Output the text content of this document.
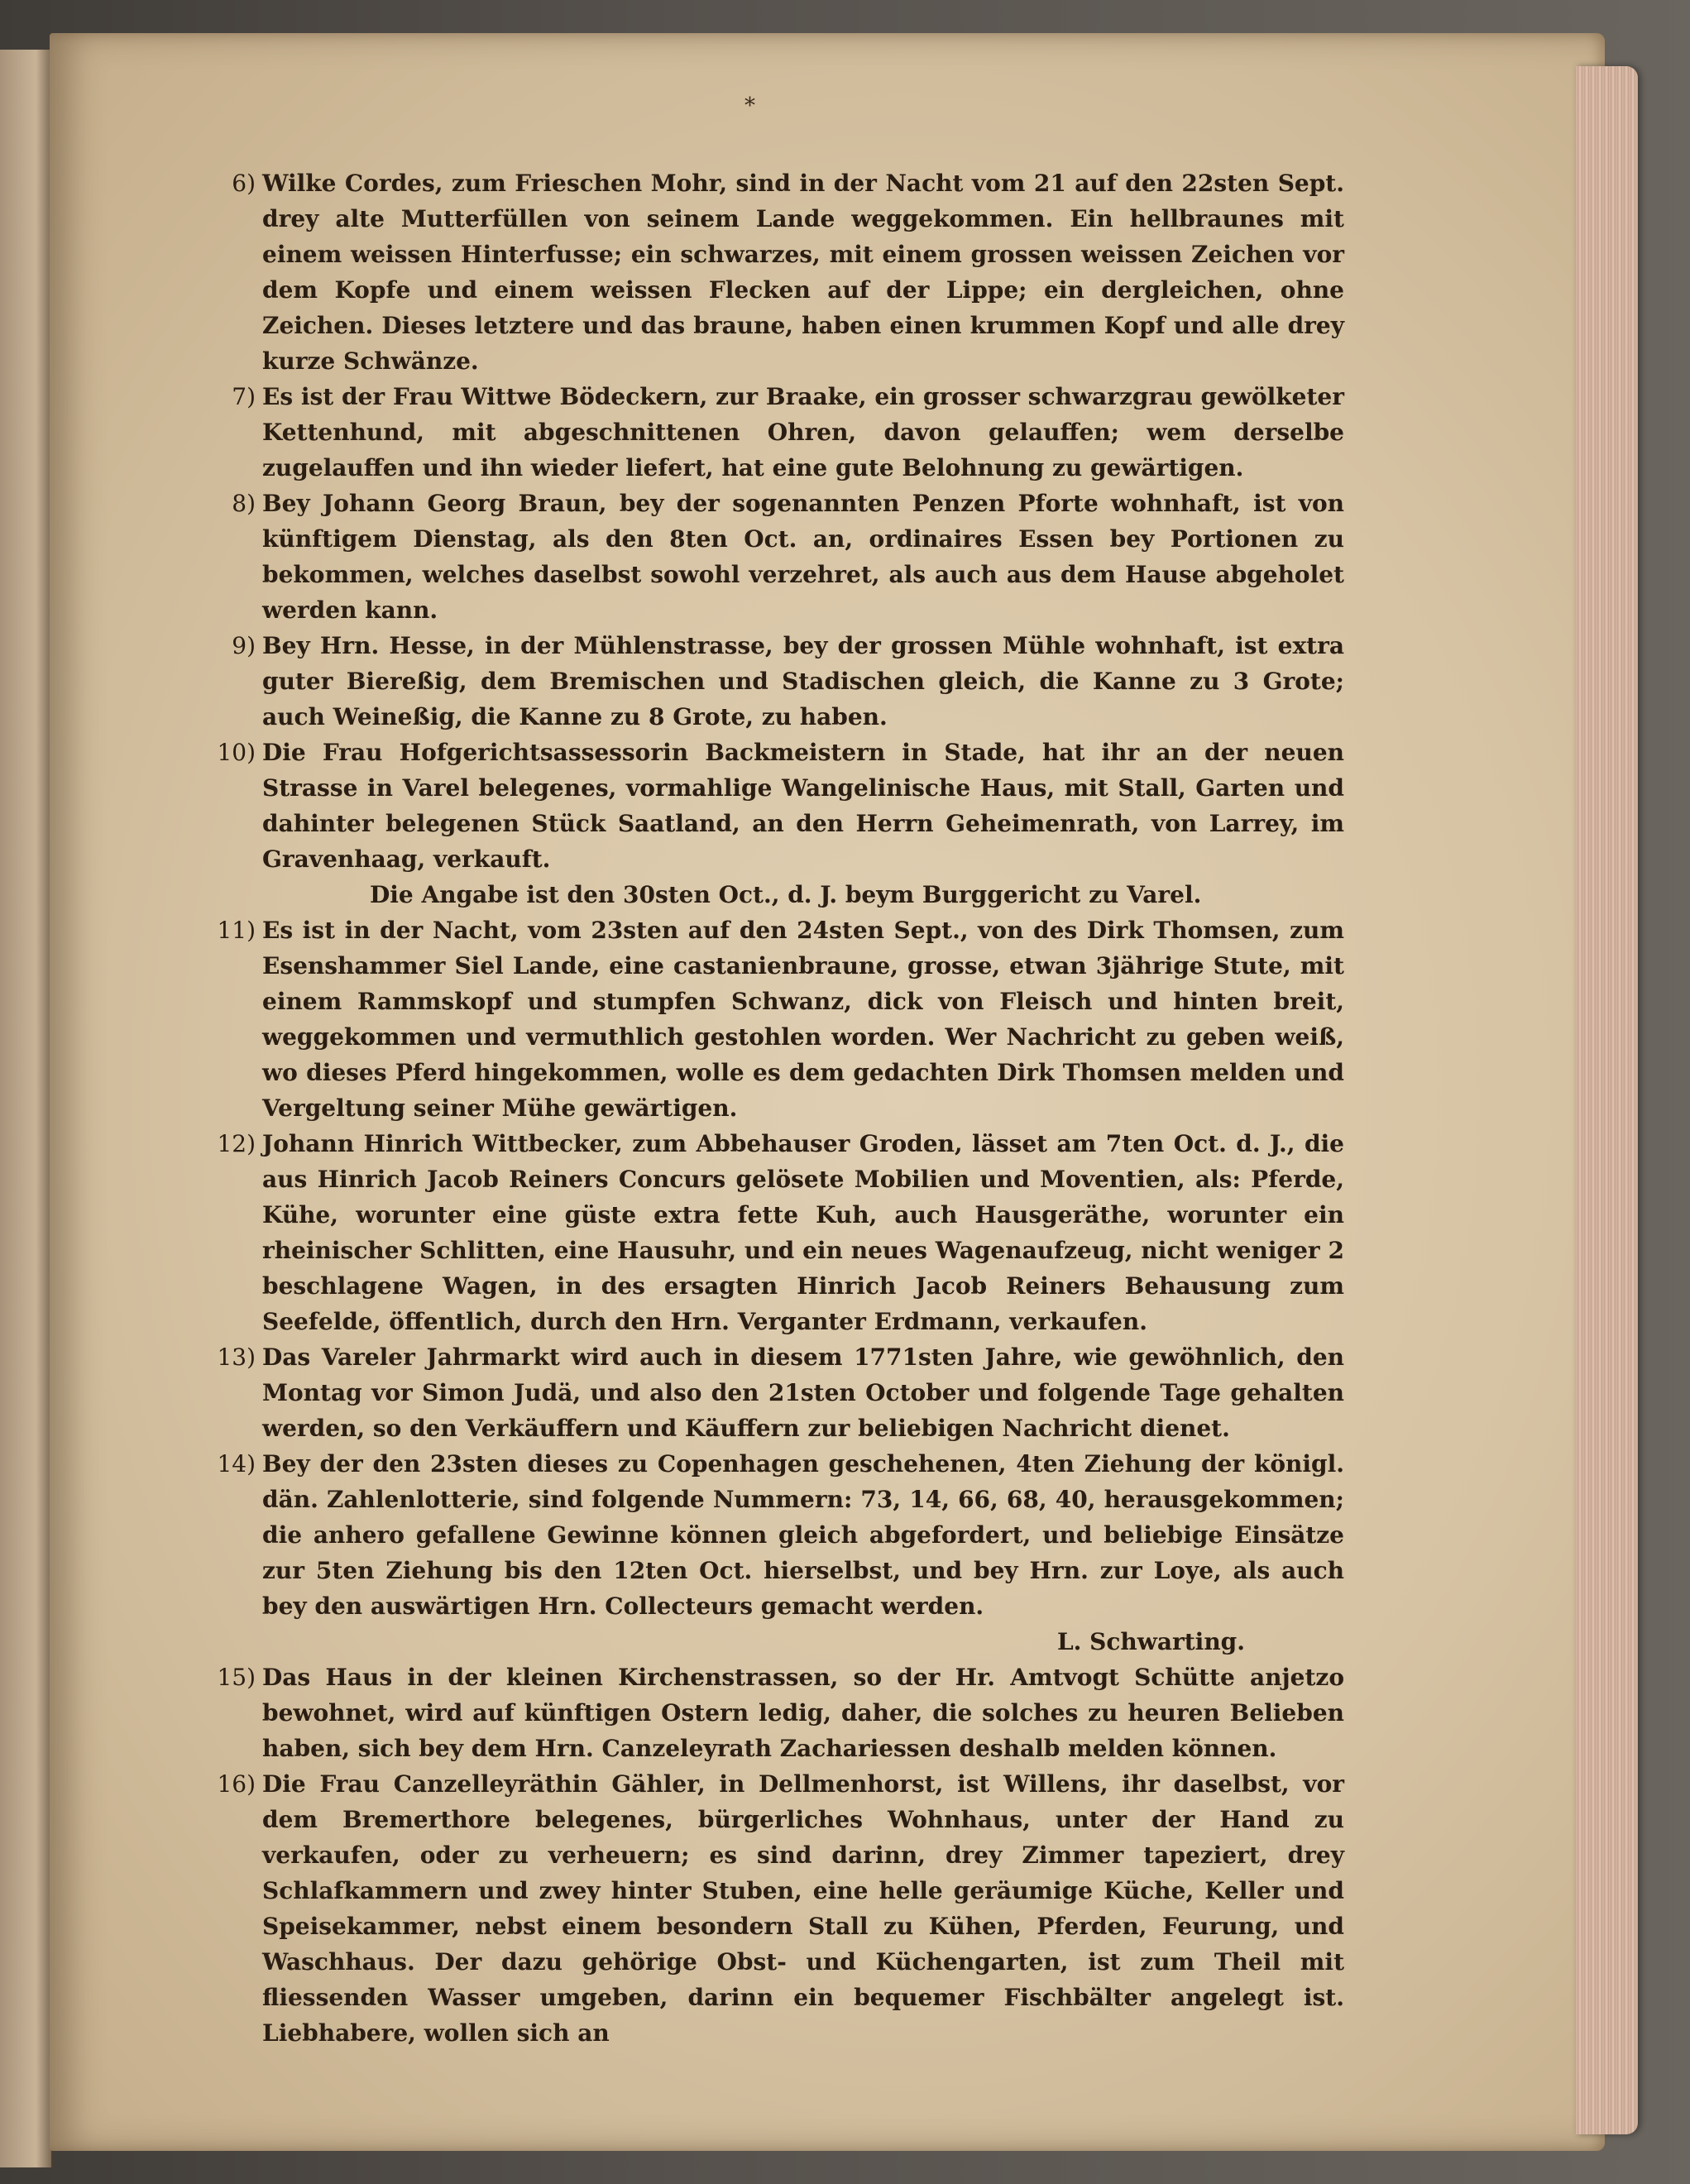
⁎
6) Wilke Cordes, zum Frieschen Mohr, sind in der Nacht vom 21 auf den 22sten Sept. drey alte Mutterfüllen von seinem Lande weggekommen. Ein hellbraunes mit einem weissen Hinterfusse; ein schwarzes, mit einem grossen weissen Zeichen vor dem Kopfe und einem weissen Flecken auf der Lippe; ein dergleichen, ohne Zeichen. Dieses letztere und das braune, haben einen krummen Kopf und alle drey kurze Schwänze.
7) Es ist der Frau Wittwe Bödeckern, zur Braake, ein grosser schwarzgrau gewölketer Kettenhund, mit abgeschnittenen Ohren, davon gelauffen; wem derselbe zugelauffen und ihn wieder liefert, hat eine gute Belohnung zu gewärtigen.
8) Bey Johann Georg Braun, bey der sogenannten Penzen Pforte wohnhaft, ist von künftigem Dienstag, als den 8ten Oct. an, ordinaires Essen bey Portionen zu bekommen, welches daselbst sowohl verzehret, als auch aus dem Hause abgeholet werden kann.
9) Bey Hrn. Hesse, in der Mühlenstrasse, bey der grossen Mühle wohnhaft, ist extra guter Biereßig, dem Bremischen und Stadischen gleich, die Kanne zu 3 Grote; auch Weineßig, die Kanne zu 8 Grote, zu haben.
10) Die Frau Hofgerichtsassessorin Backmeistern in Stade, hat ihr an der neuen Strasse in Varel belegenes, vormahlige Wangelinische Haus, mit Stall, Garten und dahinter belegenen Stück Saatland, an den Herrn Geheimenrath, von Larrey, im Gravenhaag, verkauft.
Die Angabe ist den 30sten Oct., d. J. beym Burggericht zu Varel.
11) Es ist in der Nacht, vom 23sten auf den 24sten Sept., von des Dirk Thomsen, zum Esenshammer Siel Lande, eine castanienbraune, grosse, etwan 3jährige Stute, mit einem Rammskopf und stumpfen Schwanz, dick von Fleisch und hinten breit, weggekommen und vermuthlich gestohlen worden. Wer Nachricht zu geben weiß, wo dieses Pferd hingekommen, wolle es dem gedachten Dirk Thomsen melden und Vergeltung seiner Mühe gewärtigen.
12) Johann Hinrich Wittbecker, zum Abbehauser Groden, lässet am 7ten Oct. d. J., die aus Hinrich Jacob Reiners Concurs gelösete Mobilien und Moventien, als: Pferde, Kühe, worunter eine güste extra fette Kuh, auch Hausgeräthe, worunter ein rheinischer Schlitten, eine Hausuhr, und ein neues Wagenaufzeug, nicht weniger 2 beschlagene Wagen, in des ersagten Hinrich Jacob Reiners Behausung zum Seefelde, öffentlich, durch den Hrn. Verganter Erdmann, verkaufen.
13) Das Vareler Jahrmarkt wird auch in diesem 1771sten Jahre, wie gewöhnlich, den Montag vor Simon Judä, und also den 21sten October und folgende Tage gehalten werden, so den Verkäuffern und Käuffern zur beliebigen Nachricht dienet.
14) Bey der den 23sten dieses zu Copenhagen geschehenen, 4ten Ziehung der königl. dän. Zahlenlotterie, sind folgende Nummern: 73, 14, 66, 68, 40, herausgekommen; die anhero gefallene Gewinne können gleich abgefordert, und beliebige Einsätze zur 5ten Ziehung bis den 12ten Oct. hierselbst, und bey Hrn. zur Loye, als auch bey den auswärtigen Hrn. Collecteurs gemacht werden.
L. Schwarting.
15) Das Haus in der kleinen Kirchenstrassen, so der Hr. Amtvogt Schütte anjetzo bewohnet, wird auf künftigen Ostern ledig, daher, die solches zu heuren Belieben haben, sich bey dem Hrn. Canzeleyrath Zachariessen deshalb melden können.
16) Die Frau Canzelleyräthin Gähler, in Dellmenhorst, ist Willens, ihr daselbst, vor dem Bremerthore belegenes, bürgerliches Wohnhaus, unter der Hand zu verkaufen, oder zu verheuern; es sind darinn, drey Zimmer tapeziert, drey Schlafkammern und zwey hinter Stuben, eine helle geräumige Küche, Keller und Speisekammer, nebst einem besondern Stall zu Kühen, Pferden, Feurung, und Waschhaus. Der dazu gehörige Obst- und Küchengarten, ist zum Theil mit fliessenden Wasser umgeben, darinn ein bequemer Fischbälter angelegt ist. Liebhabere, wollen sich an
